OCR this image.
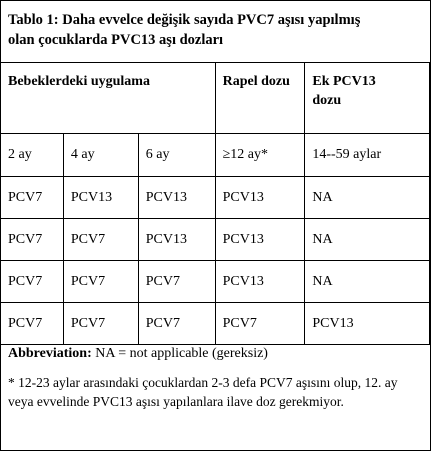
Tablo 1: Daha evvelce değişik sayıda PVC7 aşısı yapılmış
olan çocuklarda PVC13 aşı dozları
Bebeklerdeki uygulama			Rapel dozu	Ek PCV13
dozu

2 ay	4 ay	6 ay	≥12 ay*	14--59 aylar
PCV7	PCV13	PCV13	PCV13	NA
PCV7	PCV7	PCV13	PCV13	NA
PCV7	PCV7	PCV7	PCV13	NA
PCV7	PCV7	PCV7	PCV7	PCV13

Abbreviation: NA = not applicable (gereksiz)

* 12-23 aylar arasındaki çocuklardan 2-3 defa PCV7 aşısını olup, 12. ay veya evvelinde PVC13 aşısı yapılanlara ilave doz gerekmiyor.
